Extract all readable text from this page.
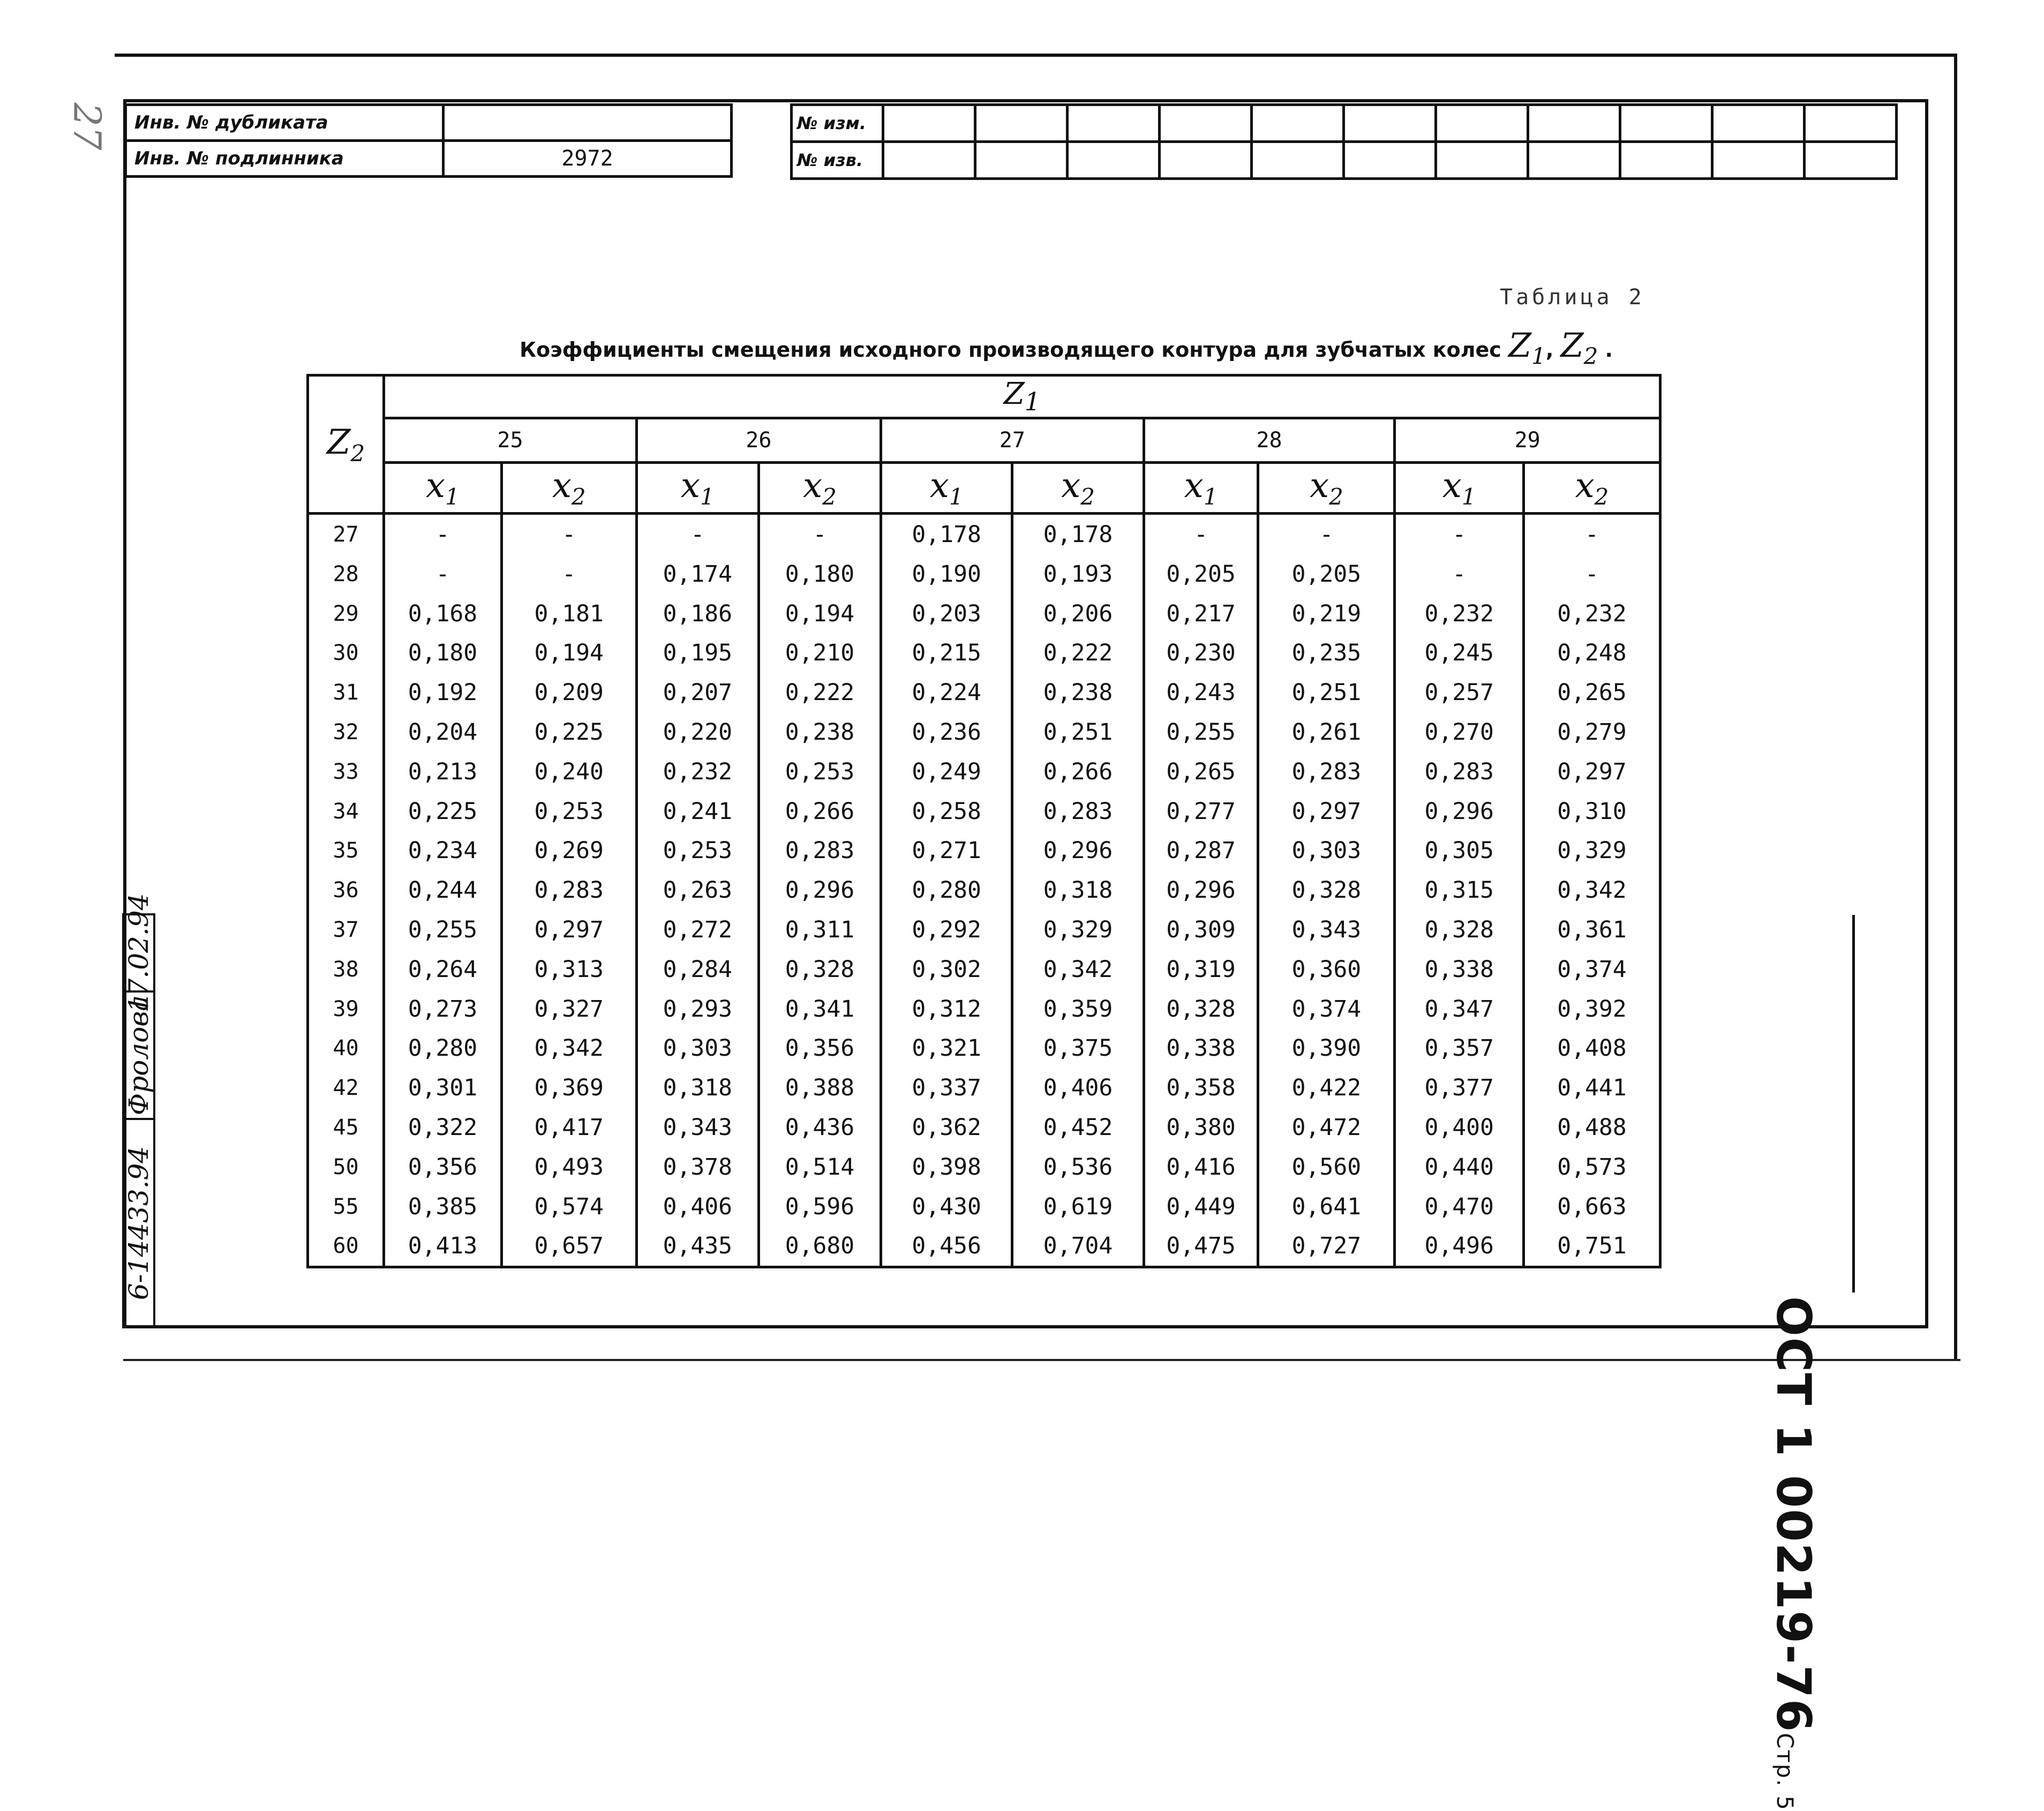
27 Инв. № дубликата	
Инв. № подлинника	2972
№ изм.											
№ изв.											
Таблица 2
Коэффициенты смещения исходного производящего контура для зубчатых колес $Z_1$, $Z_2$ .
$Z_2$	$Z_1$
	25		26		27		28		29	
	$x_1$	$x_2$	$x_1$	$x_2$	$x_1$	$x_2$	$x_1$	$x_2$	$x_1$	$x_2$
27	-	-	-	-	0,178	0,178	-	-	-	-
28	-	-	0,174	0,180	0,190	0,193	0,205	0,205	-	-
29	0,168	0,181	0,186	0,194	0,203	0,206	0,217	0,219	0,232	0,232
30	0,180	0,194	0,195	0,210	0,215	0,222	0,230	0,235	0,245	0,248
31	0,192	0,209	0,207	0,222	0,224	0,238	0,243	0,251	0,257	0,265
32	0,204	0,225	0,220	0,238	0,236	0,251	0,255	0,261	0,270	0,279
33	0,213	0,240	0,232	0,253	0,249	0,266	0,265	0,283	0,283	0,297
34	0,225	0,253	0,241	0,266	0,258	0,283	0,277	0,297	0,296	0,310
35	0,234	0,269	0,253	0,283	0,271	0,296	0,287	0,303	0,305	0,329
36	0,244	0,283	0,263	0,296	0,280	0,318	0,296	0,328	0,315	0,342
37	0,255	0,297	0,272	0,311	0,292	0,329	0,309	0,343	0,328	0,361
38	0,264	0,313	0,284	0,328	0,302	0,342	0,319	0,360	0,338	0,374
39	0,273	0,327	0,293	0,341	0,312	0,359	0,328	0,374	0,347	0,392
40	0,280	0,342	0,303	0,356	0,321	0,375	0,338	0,390	0,357	0,408
42	0,301	0,369	0,318	0,388	0,337	0,406	0,358	0,422	0,377	0,441
45	0,322	0,417	0,343	0,436	0,362	0,452	0,380	0,472	0,400	0,488
50	0,356	0,493	0,378	0,514	0,398	0,536	0,416	0,560	0,440	0,573
55	0,385	0,574	0,406	0,596	0,430	0,619	0,449	0,641	0,470	0,663
60	0,413	0,657	0,435	0,680	0,456	0,704	0,475	0,727	0,496	0,751
ОСТ 1 00219-76Стр. 5
6-14433.94
Фролова
17.02.94
